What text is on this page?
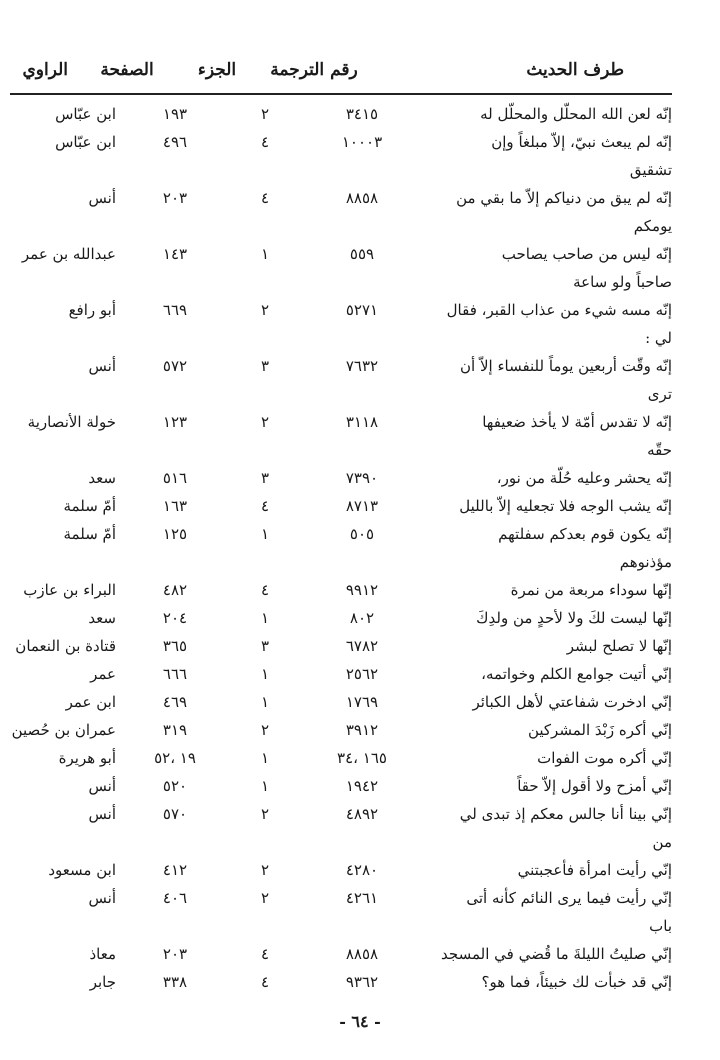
طرف الحديث
رقم الترجمة
الجزء
الصفحة
الراوي
إنّه لعن الله المحلّل والمحلّل له
٣٤١٥
٢
١٩٣
ابن عبّاس
إنّه لم يبعث نبيّ، إلاّ مبلغاً وإن
١٠٠٠٣
٤
٤٩٦
ابن عبّاس
تشقيق
إنّه لم يبق من دنياكم إلاّ ما بقي من
٨٨٥٨
٤
٢٠٣
أنس
يومكم
إنّه ليس من صاحب يصاحب
٥٥٩
١
١٤٣
عبدالله بن عمر
صاحباً ولو ساعة
إنّه مسه شيء من عذاب القبر، فقال
٥٢٧١
٢
٦٦٩
أبو رافع
لي :
إنّه وقّت أربعين يوماً للنفساء إلاّ أن
٧٦٣٢
٣
٥٧٢
أنس
ترى
إنّه لا تقدس أمّة لا يأخذ ضعيفها
٣١١٨
٢
١٢٣
خولة الأنصارية
حقّه
إنّه يحشر وعليه حُلّة من نور،
٧٣٩٠
٣
٥١٦
سعد
إنّه يشب الوجه فلا تجعليه إلاّ بالليل
٨٧١٣
٤
١٦٣
أمّ سلمة
إنّه يكون قوم بعدكم سفلتهم
٥٠٥
١
١٢٥
أمّ سلمة
مؤذنوهم
إنّها سوداء مربعة من نمرة
٩٩١٢
٤
٤٨٢
البراء بن عازب
إنّها ليست لكَ ولا لأحدٍ من ولدِكَ
٨٠٢
١
٢٠٤
سعد
إنّها لا تصلح لبشر
٦٧٨٢
٣
٣٦٥
قتادة بن النعمان
إنّي أتيت جوامع الكلم وخواتمه،
٢٥٦٢
١
٦٦٦
عمر
إنّي ادخرت شفاعتي لأهل الكبائر
١٧٦٩
١
٤٦٩
ابن عمر
إنّي أكره زَبْدَ المشركين
٣٩١٢
٢
٣١٩
عمران بن حُصين
إنّي أكره موت الفوات
١٦٥ ،٣٤
١
١٩ ،٥٢
أبو هريرة
إنّي أمزح ولا أقول إلاّ حقاً
١٩٤٢
١
٥٢٠
أنس
إنّي بينا أنا جالس معكم إذ تبدى لي
٤٨٩٢
٢
٥٧٠
أنس
من
إنّي رأيت امرأة فأعجبتني
٤٢٨٠
٢
٤١٢
ابن مسعود
إنّي رأيت فيما يرى النائم كأنه أتى
٤٢٦١
٢
٤٠٦
أنس
باب
إنّي صليتُ الليلةَ ما قُضي في المسجد
٨٨٥٨
٤
٢٠٣
معاذ
إنّي قد خبأت لك خبيئاً، فما هو؟
٩٣٦٢
٤
٣٣٨
جابر
- ٦٤ -
